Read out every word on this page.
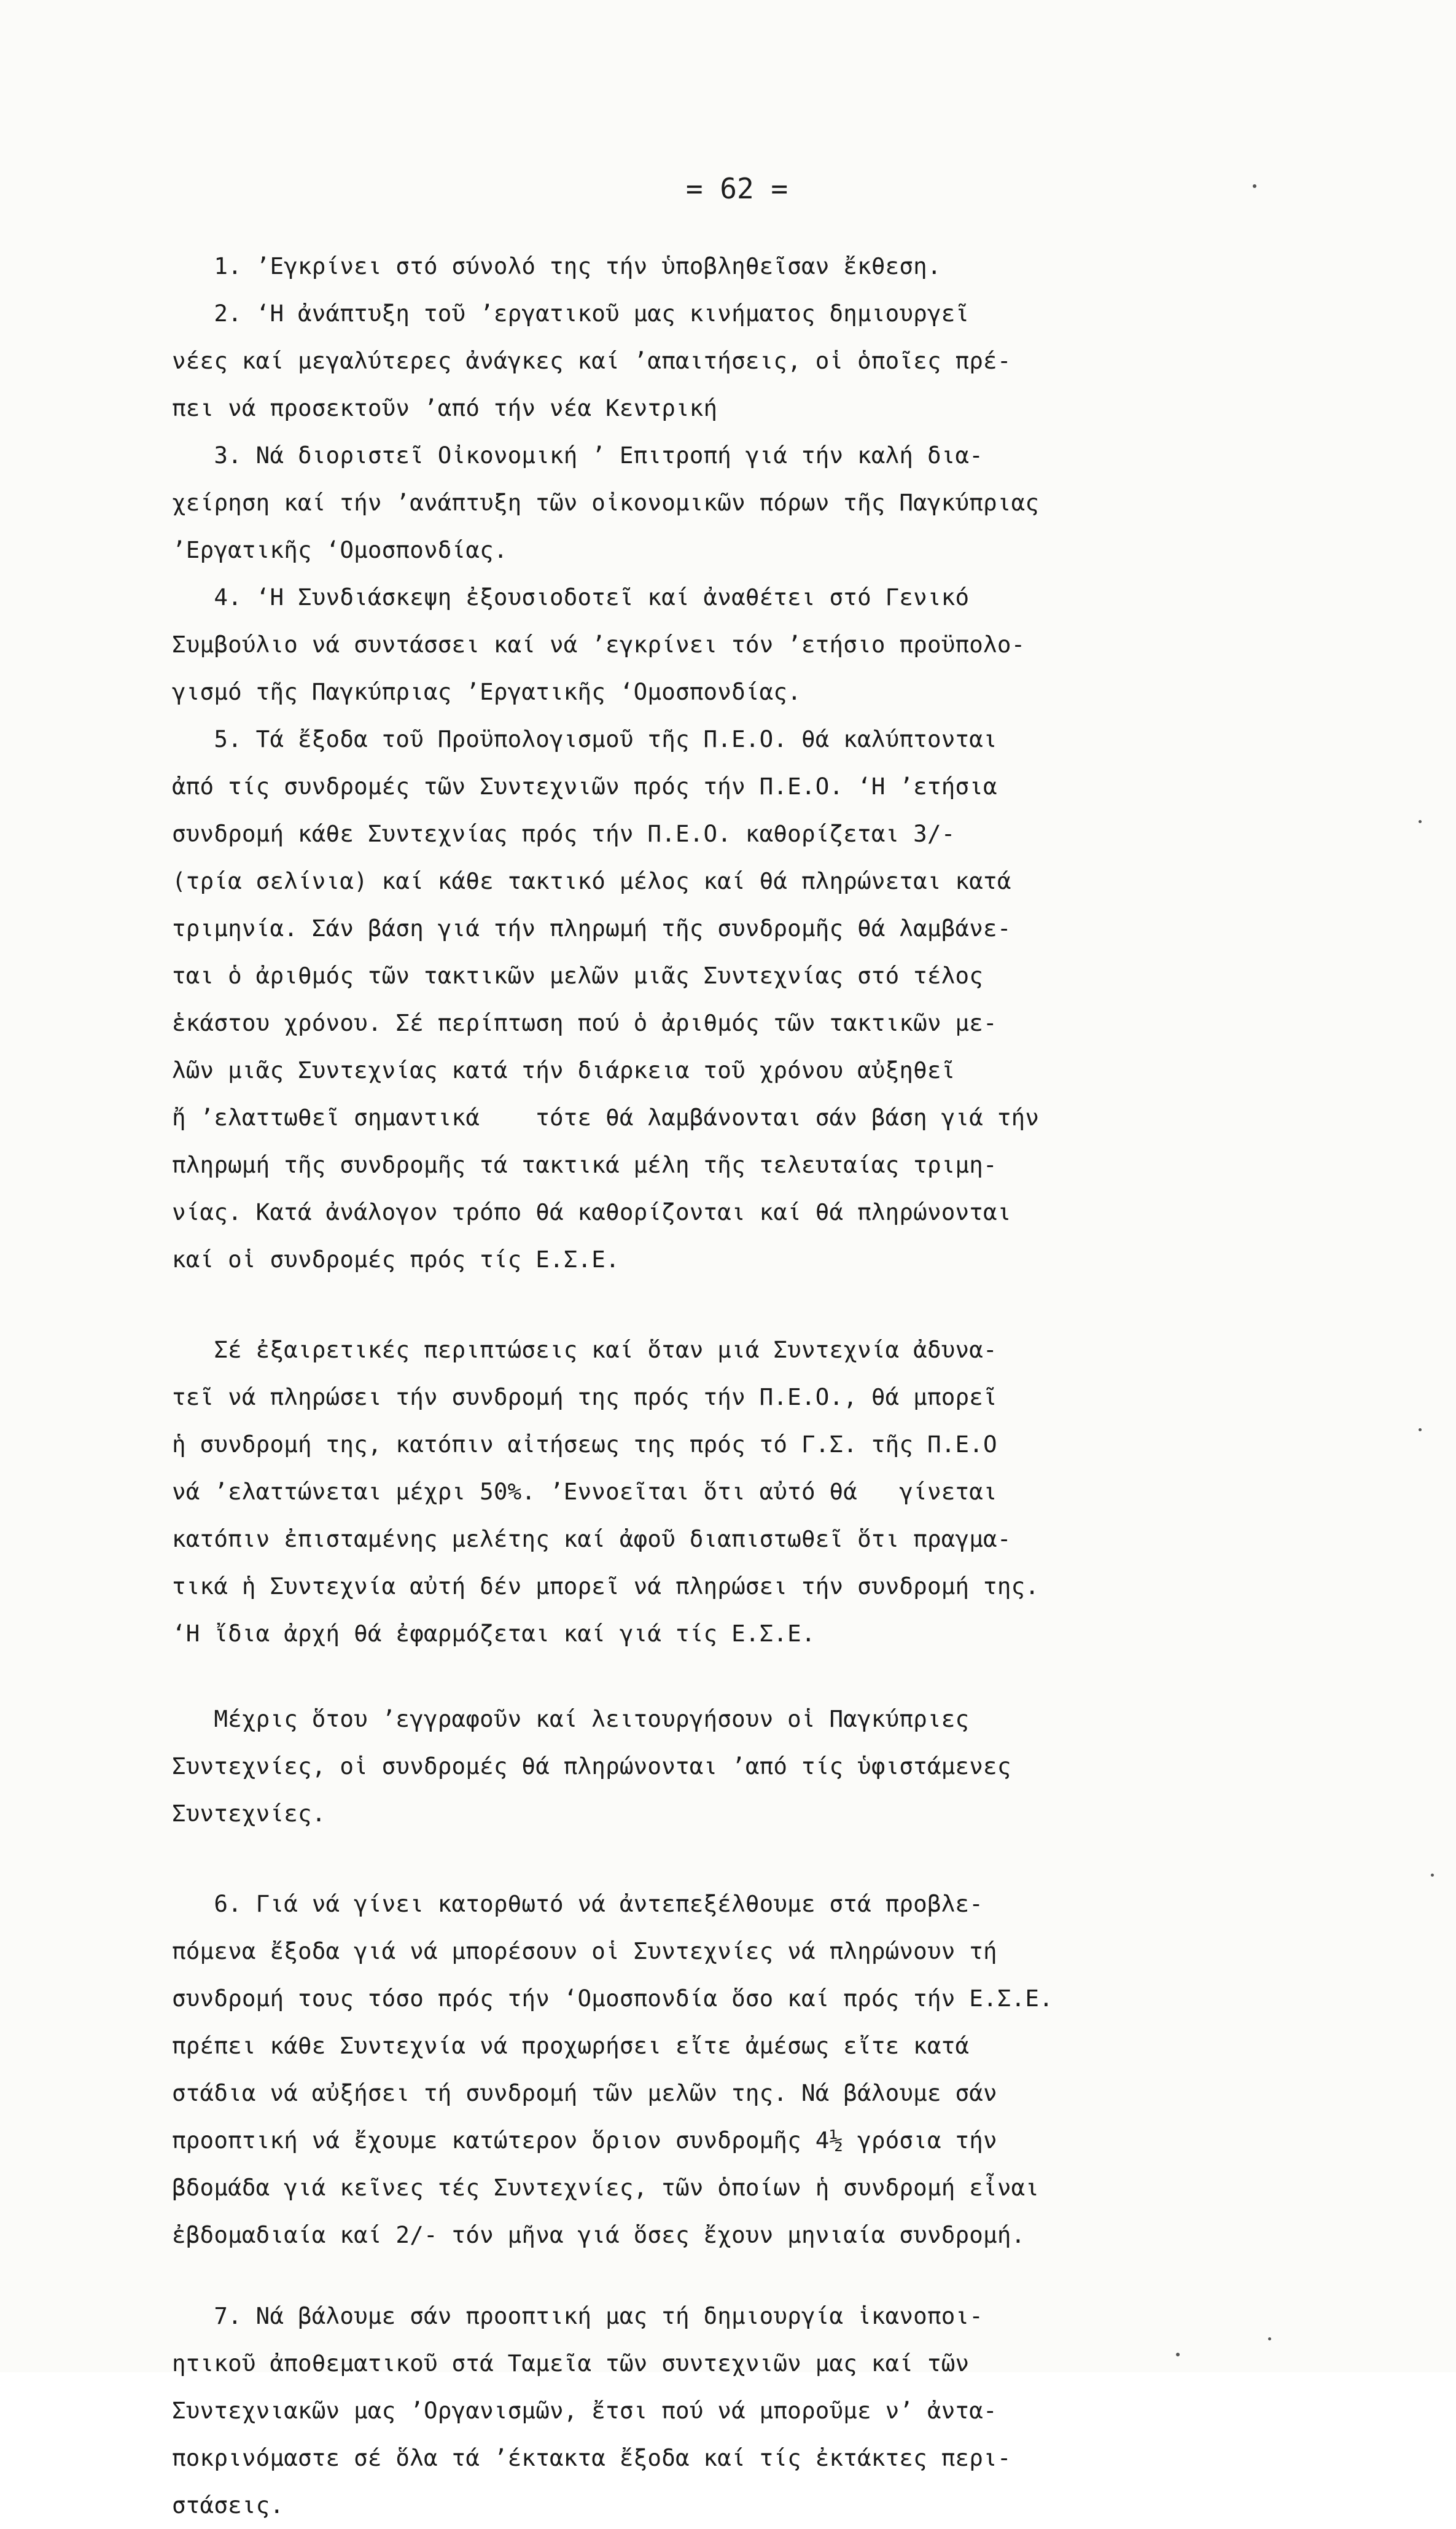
= 62 =
1. ’Εγκρίνει στό σύνολό της τήν ὑποβληθεῖσαν ἔκθεση.
2. ‘Η ἀνάπτυξη τοῦ ’εργατικοῦ μας κινήματος δημιουργεῖ
νέες καί μεγαλύτερες ἀνάγκες καί ’απαιτήσεις, οἱ ὁποῖες πρέ-
πει νά προσεκτοῦν ’από τήν νέα Κεντρική
3. Νά διοριστεῖ Οἰκονομική ’ Επιτροπή γιά τήν καλή δια-
χείρηση καί τήν ’ανάπτυξη τῶν οἰκονομικῶν πόρων τῆς Παγκύπριας
’Εργατικῆς ‘Ομοσπονδίας.
4. ‘Η Συνδιάσκεψη ἐξουσιοδοτεῖ καί ἀναθέτει στό Γενικό
Συμβούλιο νά συντάσσει καί νά ’εγκρίνει τόν ’ετήσιο προϋπολο-
γισμό τῆς Παγκύπριας ’Εργατικῆς ‘Ομοσπονδίας.
5. Τά ἔξοδα τοῦ Προϋπολογισμοῦ τῆς Π.Ε.Ο. θά καλύπτονται
ἀπό τίς συνδρομές τῶν Συντεχνιῶν πρός τήν Π.Ε.Ο. ‘Η ’ετήσια
συνδρομή κάθε Συντεχνίας πρός τήν Π.Ε.Ο. καθορίζεται 3/-
(τρία σελίνια) καί κάθε τακτικό μέλος καί θά πληρώνεται κατά
τριμηνία. Σάν βάση γιά τήν πληρωμή τῆς συνδρομῆς θά λαμβάνε-
ται ὁ ἀριθμός τῶν τακτικῶν μελῶν μιᾶς Συντεχνίας στό τέλος
ἑκάστου χρόνου. Σέ περίπτωση πού ὁ ἀριθμός τῶν τακτικῶν με-
λῶν μιᾶς Συντεχνίας κατά τήν διάρκεια τοῦ χρόνου αὐξηθεῖ
ἤ ’ελαττωθεῖ σημαντικά    τότε θά λαμβάνονται σάν βάση γιά τήν
πληρωμή τῆς συνδρομῆς τά τακτικά μέλη τῆς τελευταίας τριμη-
νίας. Κατά ἀνάλογον τρόπο θά καθορίζονται καί θά πληρώνονται
καί οἱ συνδρομές πρός τίς Ε.Σ.Ε.
Σέ ἐξαιρετικές περιπτώσεις καί ὅταν μιά Συντεχνία ἀδυνα-
τεῖ νά πληρώσει τήν συνδρομή της πρός τήν Π.Ε.Ο., θά μπορεῖ
ἡ συνδρομή της, κατόπιν αἰτήσεως της πρός τό Γ.Σ. τῆς Π.Ε.Ο
νά ’ελαττώνεται μέχρι 50%. ’Εννοεῖται ὅτι αὐτό θά   γίνεται
κατόπιν ἐπισταμένης μελέτης καί ἀφοῦ διαπιστωθεῖ ὅτι πραγμα-
τικά ἡ Συντεχνία αὐτή δέν μπορεῖ νά πληρώσει τήν συνδρομή της.
‘Η ἴδια ἀρχή θά ἐφαρμόζεται καί γιά τίς Ε.Σ.Ε.
Μέχρις ὅτου ’εγγραφοῦν καί λειτουργήσουν οἱ Παγκύπριες
Συντεχνίες, οἱ συνδρομές θά πληρώνονται ’από τίς ὑφιστάμενες
Συντεχνίες.
6. Γιά νά γίνει κατορθωτό νά ἀντεπεξέλθουμε στά προβλε-
πόμενα ἔξοδα γιά νά μπορέσουν οἱ Συντεχνίες νά πληρώνουν τή
συνδρομή τους τόσο πρός τήν ‘Ομοσπονδία ὅσο καί πρός τήν Ε.Σ.Ε.
πρέπει κάθε Συντεχνία νά προχωρήσει εἴτε ἀμέσως εἴτε κατά
στάδια νά αὐξήσει τή συνδρομή τῶν μελῶν της. Νά βάλουμε σάν
προοπτική νά ἔχουμε κατώτερον ὅριον συνδρομῆς 4½ γρόσια τήν
βδομάδα γιά κεῖνες τές Συντεχνίες, τῶν ὁποίων ἡ συνδρομή εἶναι
ἐβδομαδιαία καί 2/- τόν μῆνα γιά ὅσες ἔχουν μηνιαία συνδρομή.
7. Νά βάλουμε σάν προοπτική μας τή δημιουργία ἱκανοποι-
ητικοῦ ἀποθεματικοῦ στά Ταμεῖα τῶν συντεχνιῶν μας καί τῶν
Συντεχνιακῶν μας ’Οργανισμῶν, ἔτσι πού νά μποροῦμε ν’ ἀντα-
ποκρινόμαστε σέ ὅλα τά ’έκτακτα ἔξοδα καί τίς ἐκτάκτες περι-
στάσεις.
